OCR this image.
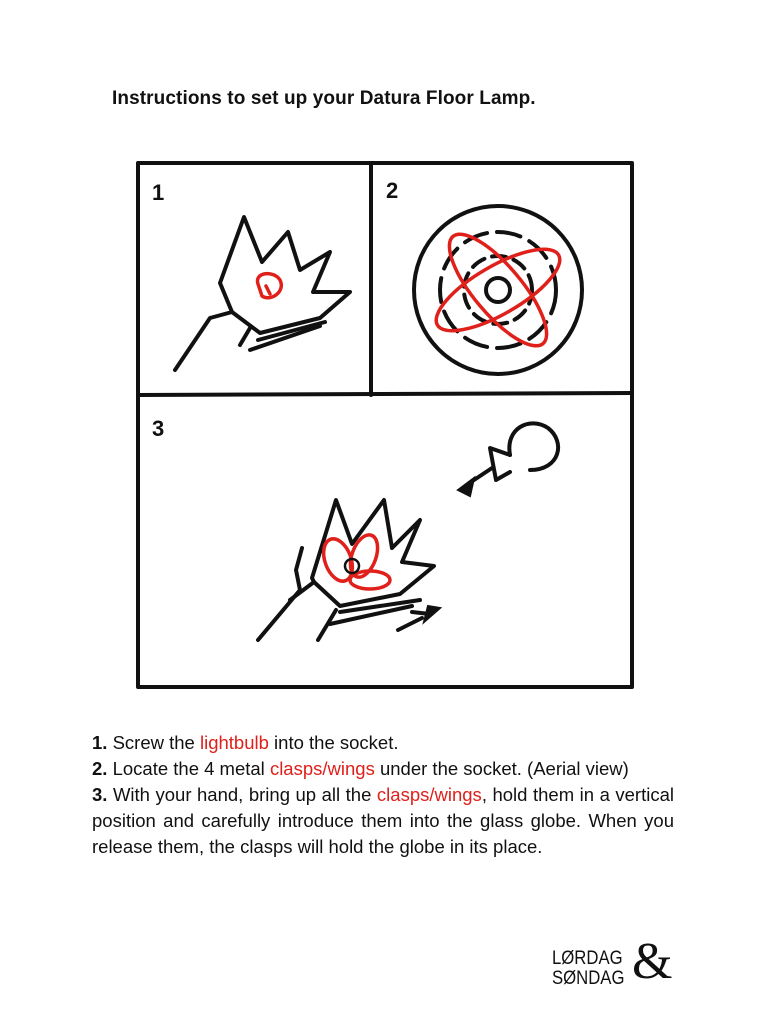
Instructions to set up your Datura Floor Lamp.
1	2
3

1. Screw the lightbulb into the socket.

2. Locate the 4 metal clasps/wings under the socket. (Aerial view)

3. With your hand, bring up all the clasps/wings, hold them in a vertical position and carefully introduce them into the glass globe. When you release them, the clasps will hold the globe in its place.

LØRDAG
SØNDAG &
